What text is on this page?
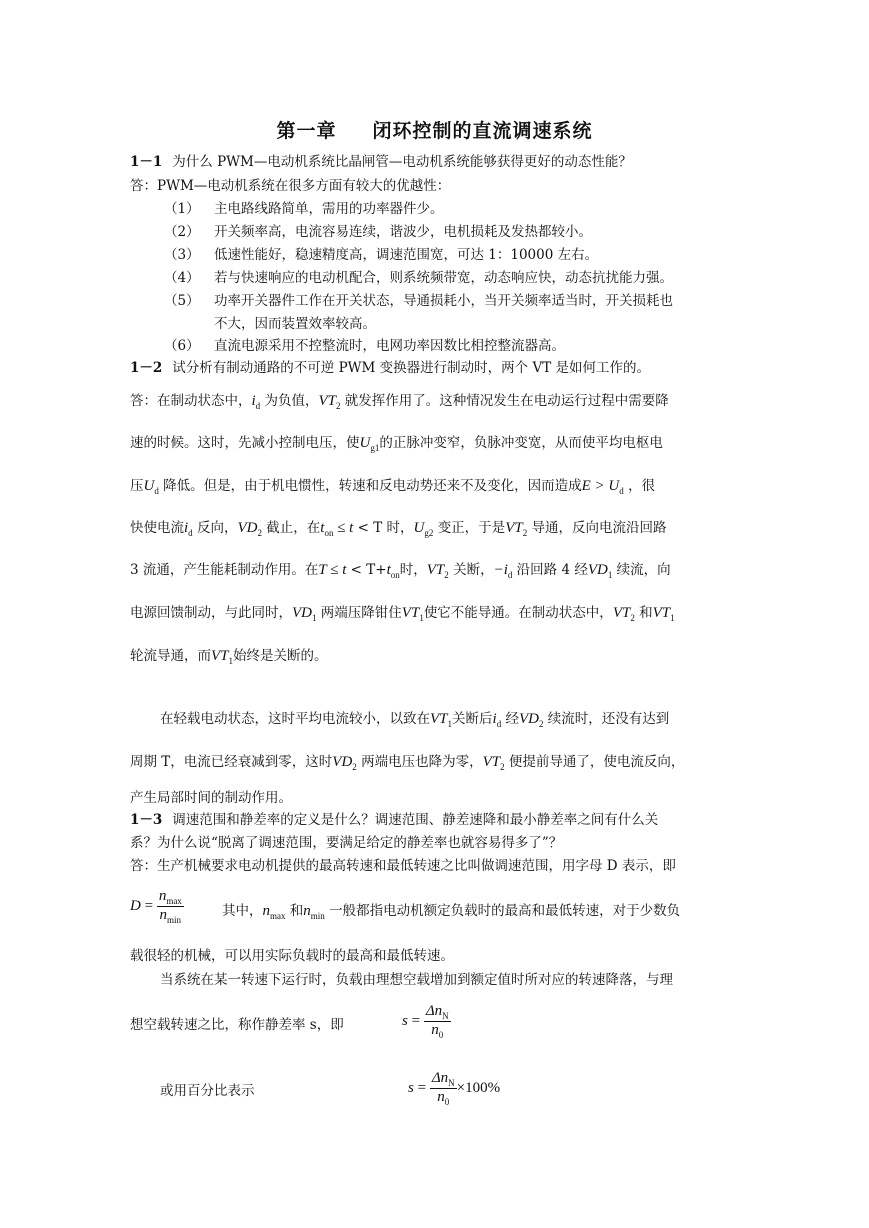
第一章 闭环控制的直流调速系统
1－1 为什么 PWM—电动机系统比晶闸管—电动机系统能够获得更好的动态性能？
答：PWM—电动机系统在很多方面有较大的优越性：
（1） 主电路线路简单，需用的功率器件少。
（2） 开关频率高，电流容易连续，谐波少，电机损耗及发热都较小。
（3） 低速性能好，稳速精度高，调速范围宽，可达 1：10000 左右。
（4） 若与快速响应的电动机配合，则系统频带宽，动态响应快，动态抗扰能力强。
（5） 功率开关器件工作在开关状态，导通损耗小，当开关频率适当时，开关损耗也
不大，因而装置效率较高。
（6） 直流电源采用不控整流时，电网功率因数比相控整流器高。
1－2 试分析有制动通路的不可逆 PWM 变换器进行制动时，两个 VT 是如何工作的。
答：在制动状态中，$i_d$ 为负值，$VT_2$ 就发挥作用了。这种情况发生在电动运行过程中需要降
速的时候。这时，先减小控制电压，使$U_{g1}$的正脉冲变窄，负脉冲变宽，从而使平均电枢电
压$U_d$ 降低。但是，由于机电惯性，转速和反电动势还来不及变化，因而造成$E > U_d$ ，很
快使电流$i_d$ 反向，$VD_2$ 截止，在$t_{on} \le t < T$ 时，$U_{g2}$ 变正，于是$VT_2$ 导通，反向电流沿回路
3 流通，产生能耗制动作用。在$T \le t < T+t_{on}$时，$VT_2$ 关断，$-i_d$ 沿回路 4 经$VD_1$ 续流，向
电源回馈制动，与此同时，$VD_1$ 两端压降钳住$VT_1$使它不能导通。在制动状态中，$VT_2$ 和$VT_1$
轮流导通，而$VT_1$始终是关断的。
在轻载电动状态，这时平均电流较小，以致在$VT_1$关断后$i_d$ 经$VD_2$ 续流时，还没有达到
周期 T，电流已经衰减到零，这时$VD_2$ 两端电压也降为零，$VT_2$ 便提前导通了，使电流反向，
产生局部时间的制动作用。
1－3 调速范围和静差率的定义是什么？调速范围、静差速降和最小静差率之间有什么关
系？为什么说“脱离了调速范围，要满足给定的静差率也就容易得多了”？
答：生产机械要求电动机提供的最高转速和最低转速之比叫做调速范围，用字母 D 表示，即
$D = \frac{n_{max}}{n_{min}}$	其中，$n_{max}$ 和$n_{min}$ 一般都指电动机额定负载时的最高和最低转速，对于少数负
载很轻的机械，可以用实际负载时的最高和最低转速。
当系统在某一转速下运行时，负载由理想空载增加到额定值时所对应的转速降落，与理
想空载转速之比，称作静差率 s，即	$s = \frac{\Delta n_N}{n_0}$
或用百分比表示	$s = \frac{\Delta n_N}{n_0} \times 100\%$
